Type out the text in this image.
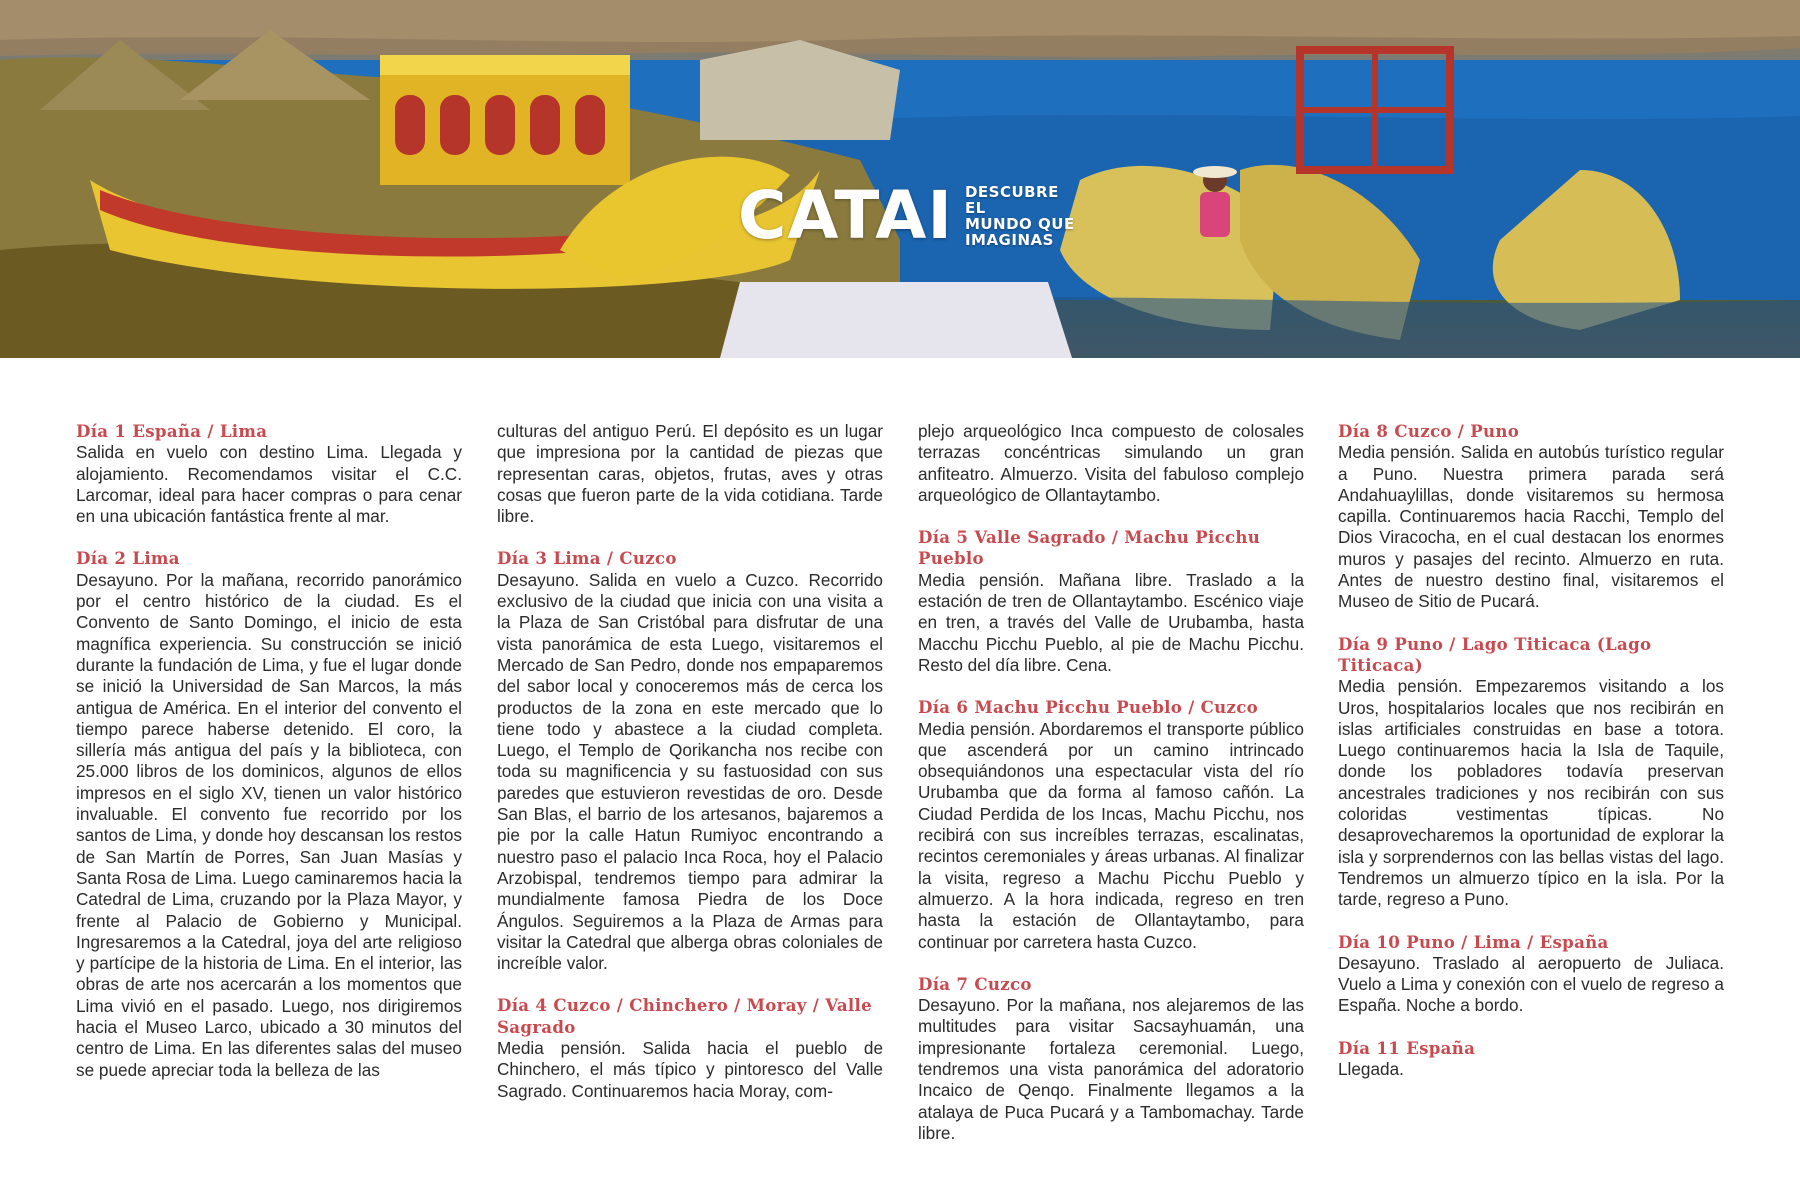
CATAI DESCUBRE EL
MUNDO QUE
IMAGINAS
Día 1 España / Lima

Salida en vuelo con destino Lima. Llegada y alojamiento. Recomendamos visitar el C.C. Larcomar, ideal para hacer compras o para cenar en una ubicación fantástica frente al mar.

Día 2 Lima

Desayuno. Por la mañana, recorrido panorámico por el centro histórico de la ciudad. Es el Convento de Santo Domingo, el inicio de esta magnífica experiencia. Su construcción se inició durante la fundación de Lima, y fue el lugar donde se inició la Universidad de San Marcos, la más antigua de América. En el interior del convento el tiempo parece haberse detenido. El coro, la sillería más antigua del país y la biblioteca, con 25.000 libros de los dominicos, algunos de ellos impresos en el siglo XV, tienen un valor histórico invaluable. El convento fue recorrido por los santos de Lima, y donde hoy descansan los restos de San Martín de Porres, San Juan Masías y Santa Rosa de Lima. Luego caminaremos hacia la Catedral de Lima, cruzando por la Plaza Mayor, y frente al Palacio de Gobierno y Municipal. Ingresaremos a la Catedral, joya del arte religioso y partícipe de la historia de Lima. En el interior, las obras de arte nos acercarán a los momentos que Lima vivió en el pasado. Luego, nos dirigiremos hacia el Museo Larco, ubicado a 30 minutos del centro de Lima. En las diferentes salas del museo se puede apreciar toda la belleza de las

culturas del antiguo Perú. El depósito es un lugar que impresiona por la cantidad de piezas que representan caras, objetos, frutas, aves y otras cosas que fueron parte de la vida cotidiana. Tarde libre.

Día 3 Lima / Cuzco

Desayuno. Salida en vuelo a Cuzco. Recorrido exclusivo de la ciudad que inicia con una visita a la Plaza de San Cristóbal para disfrutar de una vista panorámica de esta Luego, visitaremos el Mercado de San Pedro, donde nos empaparemos del sabor local y conoceremos más de cerca los productos de la zona en este mercado que lo tiene todo y abastece a la ciudad completa. Luego, el Templo de Qorikancha nos recibe con toda su magnificencia y su fastuosidad con sus paredes que estuvieron revestidas de oro. Desde San Blas, el barrio de los artesanos, bajaremos a pie por la calle Hatun Rumiyoc encontrando a nuestro paso el palacio Inca Roca, hoy el Palacio Arzobispal, tendremos tiempo para admirar la mundialmente famosa Piedra de los Doce Ángulos. Seguiremos a la Plaza de Armas para visitar la Catedral que alberga obras coloniales de increíble valor.

Día 4 Cuzco / Chinchero / Moray / Valle Sagrado

Media pensión. Salida hacia el pueblo de Chinchero, el más típico y pintoresco del Valle Sagrado. Continuaremos hacia Moray, com-

plejo arqueológico Inca compuesto de colosales terrazas concéntricas simulando un gran anfiteatro. Almuerzo. Visita del fabuloso complejo arqueológico de Ollantaytambo.

Día 5 Valle Sagrado / Machu Picchu Pueblo

Media pensión. Mañana libre. Traslado a la estación de tren de Ollantaytambo. Escénico viaje en tren, a través del Valle de Urubamba, hasta Macchu Picchu Pueblo, al pie de Machu Picchu. Resto del día libre. Cena.

Día 6 Machu Picchu Pueblo / Cuzco

Media pensión. Abordaremos el transporte público que ascenderá por un camino intrincado obsequiándonos una espectacular vista del río Urubamba que da forma al famoso cañón. La Ciudad Perdida de los Incas, Machu Picchu, nos recibirá con sus increíbles terrazas, escalinatas, recintos ceremoniales y áreas urbanas. Al finalizar la visita, regreso a Machu Picchu Pueblo y almuerzo. A la hora indicada, regreso en tren hasta la estación de Ollantaytambo, para continuar por carretera hasta Cuzco.

Día 7 Cuzco

Desayuno. Por la mañana, nos alejaremos de las multitudes para visitar Sacsayhuamán, una impresionante fortaleza ceremonial. Luego, tendremos una vista panorámica del adoratorio Incaico de Qenqo. Finalmente llegamos a la atalaya de Puca Pucará y a Tambomachay. Tarde libre.

Día 8 Cuzco / Puno

Media pensión. Salida en autobús turístico regular a Puno. Nuestra primera parada será Andahuaylillas, donde visitaremos su hermosa capilla. Continuaremos hacia Racchi, Templo del Dios Viracocha, en el cual destacan los enormes muros y pasajes del recinto. Almuerzo en ruta. Antes de nuestro destino final, visitaremos el Museo de Sitio de Pucará.

Día 9 Puno / Lago Titicaca (Lago Titicaca)

Media pensión. Empezaremos visitando a los Uros, hospitalarios locales que nos recibirán en islas artificiales construidas en base a totora. Luego continuaremos hacia la Isla de Taquile, donde los pobladores todavía preservan ancestrales tradiciones y nos recibirán con sus coloridas vestimentas típicas. No desaprovecharemos la oportunidad de explorar la isla y sorprendernos con las bellas vistas del lago. Tendremos un almuerzo típico en la isla. Por la tarde, regreso a Puno.

Día 10 Puno / Lima / España

Desayuno. Traslado al aeropuerto de Juliaca. Vuelo a Lima y conexión con el vuelo de regreso a España. Noche a bordo.

Día 11 España

Llegada.
